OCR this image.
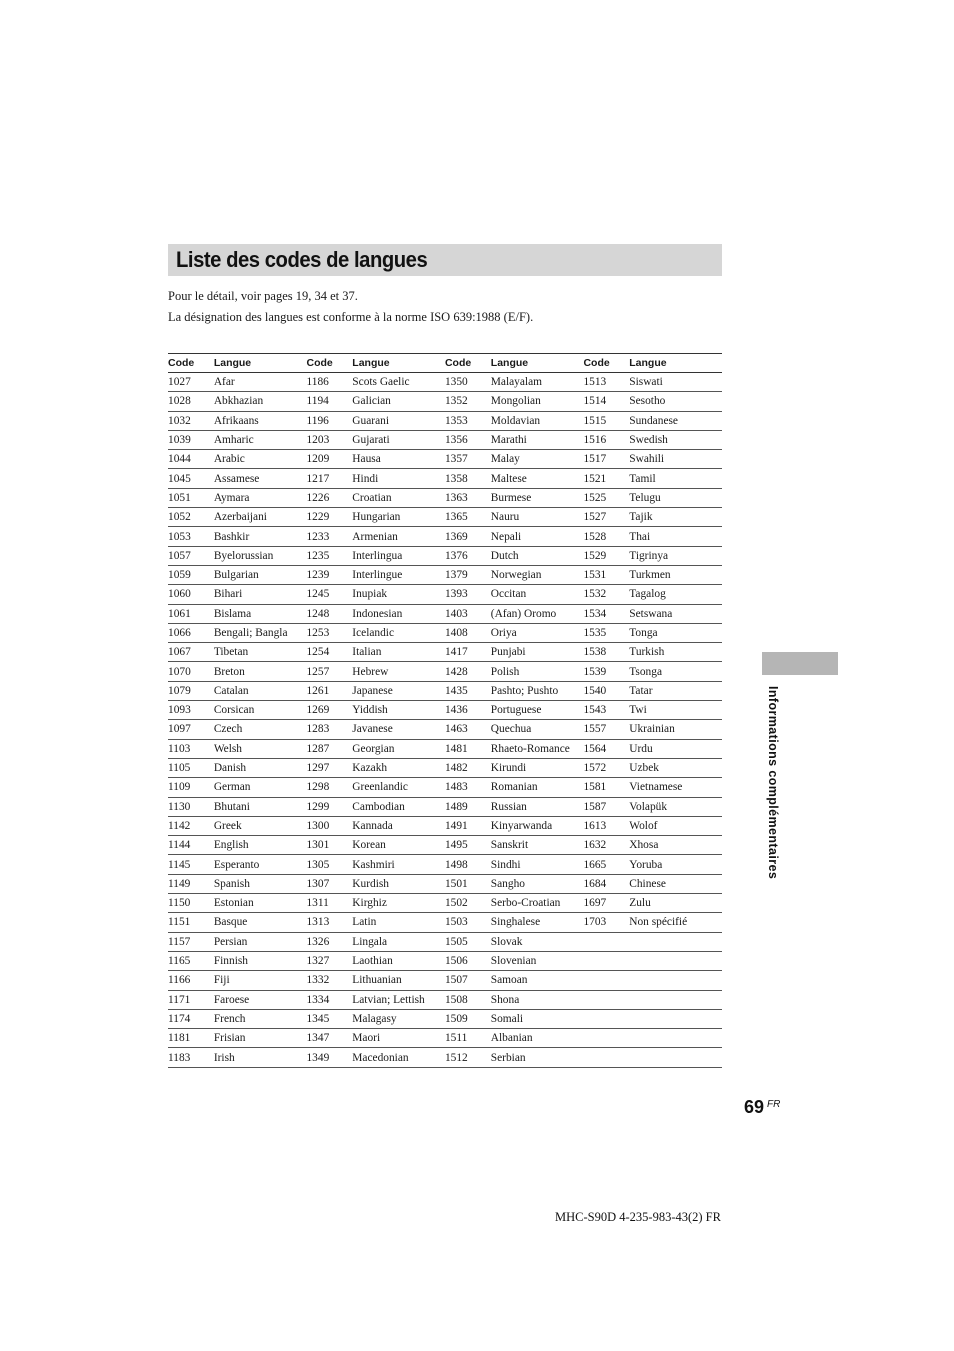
Liste des codes de langues

Pour le détail, voir pages 19, 34 et 37.

La désignation des langues est conforme à la norme ISO 639:1988 (E/F).

Code	Langue	Code	Langue	Code	Langue	Code	Langue
1027	Afar	1186	Scots Gaelic	1350	Malayalam	1513	Siswati
1028	Abkhazian	1194	Galician	1352	Mongolian	1514	Sesotho
1032	Afrikaans	1196	Guarani	1353	Moldavian	1515	Sundanese
1039	Amharic	1203	Gujarati	1356	Marathi	1516	Swedish
1044	Arabic	1209	Hausa	1357	Malay	1517	Swahili
1045	Assamese	1217	Hindi	1358	Maltese	1521	Tamil
1051	Aymara	1226	Croatian	1363	Burmese	1525	Telugu
1052	Azerbaijani	1229	Hungarian	1365	Nauru	1527	Tajik
1053	Bashkir	1233	Armenian	1369	Nepali	1528	Thai
1057	Byelorussian	1235	Interlingua	1376	Dutch	1529	Tigrinya
1059	Bulgarian	1239	Interlingue	1379	Norwegian	1531	Turkmen
1060	Bihari	1245	Inupiak	1393	Occitan	1532	Tagalog
1061	Bislama	1248	Indonesian	1403	(Afan) Oromo	1534	Setswana
1066	Bengali; Bangla	1253	Icelandic	1408	Oriya	1535	Tonga
1067	Tibetan	1254	Italian	1417	Punjabi	1538	Turkish
1070	Breton	1257	Hebrew	1428	Polish	1539	Tsonga
1079	Catalan	1261	Japanese	1435	Pashto; Pushto	1540	Tatar
1093	Corsican	1269	Yiddish	1436	Portuguese	1543	Twi
1097	Czech	1283	Javanese	1463	Quechua	1557	Ukrainian
1103	Welsh	1287	Georgian	1481	Rhaeto-Romance	1564	Urdu
1105	Danish	1297	Kazakh	1482	Kirundi	1572	Uzbek
1109	German	1298	Greenlandic	1483	Romanian	1581	Vietnamese
1130	Bhutani	1299	Cambodian	1489	Russian	1587	Volapük
1142	Greek	1300	Kannada	1491	Kinyarwanda	1613	Wolof
1144	English	1301	Korean	1495	Sanskrit	1632	Xhosa
1145	Esperanto	1305	Kashmiri	1498	Sindhi	1665	Yoruba
1149	Spanish	1307	Kurdish	1501	Sangho	1684	Chinese
1150	Estonian	1311	Kirghiz	1502	Serbo-Croatian	1697	Zulu
1151	Basque	1313	Latin	1503	Singhalese	1703	Non spécifié
1157	Persian	1326	Lingala	1505	Slovak		
1165	Finnish	1327	Laothian	1506	Slovenian		
1166	Fiji	1332	Lithuanian	1507	Samoan		
1171	Faroese	1334	Latvian; Lettish	1508	Shona		
1174	French	1345	Malagasy	1509	Somali		
1181	Frisian	1347	Maori	1511	Albanian		
1183	Irish	1349	Macedonian	1512	Serbian		
Informations complémentaires
69 FR
MHC-S90D 4-235-983-43(2) FR
